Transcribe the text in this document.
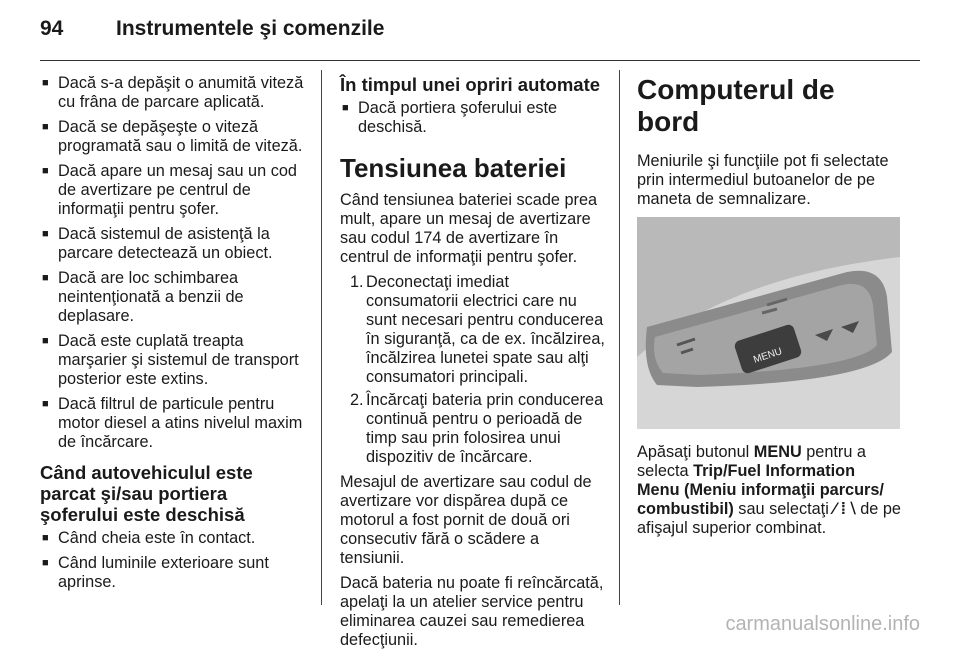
94	Instrumentele şi comenzile
■ Dacă s-a depăşit o anumită viteză cu frâna de parcare aplicată.
■ Dacă se depăşeşte o viteză programată sau o limită de viteză.
■ Dacă apare un mesaj sau un cod de avertizare pe centrul de informaţii pentru şofer.
■ Dacă sistemul de asistenţă la parcare detectează un obiect.
■ Dacă are loc schimbarea neintenţionată a benzii de deplasare.
■ Dacă este cuplată treapta marşarier şi sistemul de transport posterior este extins.
■ Dacă filtrul de particule pentru motor diesel a atins nivelul maxim de încărcare.
Când autovehiculul este parcat şi/sau portiera şoferului este deschisă
■ Când cheia este în contact.
■ Când luminile exterioare sunt aprinse.
În timpul unei opriri automate
■ Dacă portiera şoferului este deschisă.
Tensiunea bateriei

Când tensiunea bateriei scade prea mult, apare un mesaj de avertizare sau codul 174 de avertizare în centrul de informaţii pentru şofer.

1. Deconectaţi imediat consumatorii electrici care nu sunt necesari pentru conducerea în siguranţă, ca de ex. încălzirea, încălzirea lunetei spate sau alţi consumatori principali.
2. Încărcaţi bateria prin conducerea continuă pentru o perioadă de timp sau prin folosirea unui dispozitiv de încărcare.

Mesajul de avertizare sau codul de avertizare vor dispărea după ce motorul a fost pornit de două ori consecutiv fără o scădere a tensiunii.

Dacă bateria nu poate fi reîncărcată, apelaţi la un atelier service pentru eliminarea cauzei sau remedierea defecţiunii.

Computerul de bord

Meniurile şi funcţiile pot fi selectate prin intermediul butoanelor de pe maneta de semnalizare.

MENU

Apăsaţi butonul MENU pentru a selecta Trip/Fuel Information Menu (Meniu informaţii parcurs/ combustibil) sau selectaţi ⁄ ⁞ ⧵ de pe afişajul superior combinat.

carmanualsonline.info
